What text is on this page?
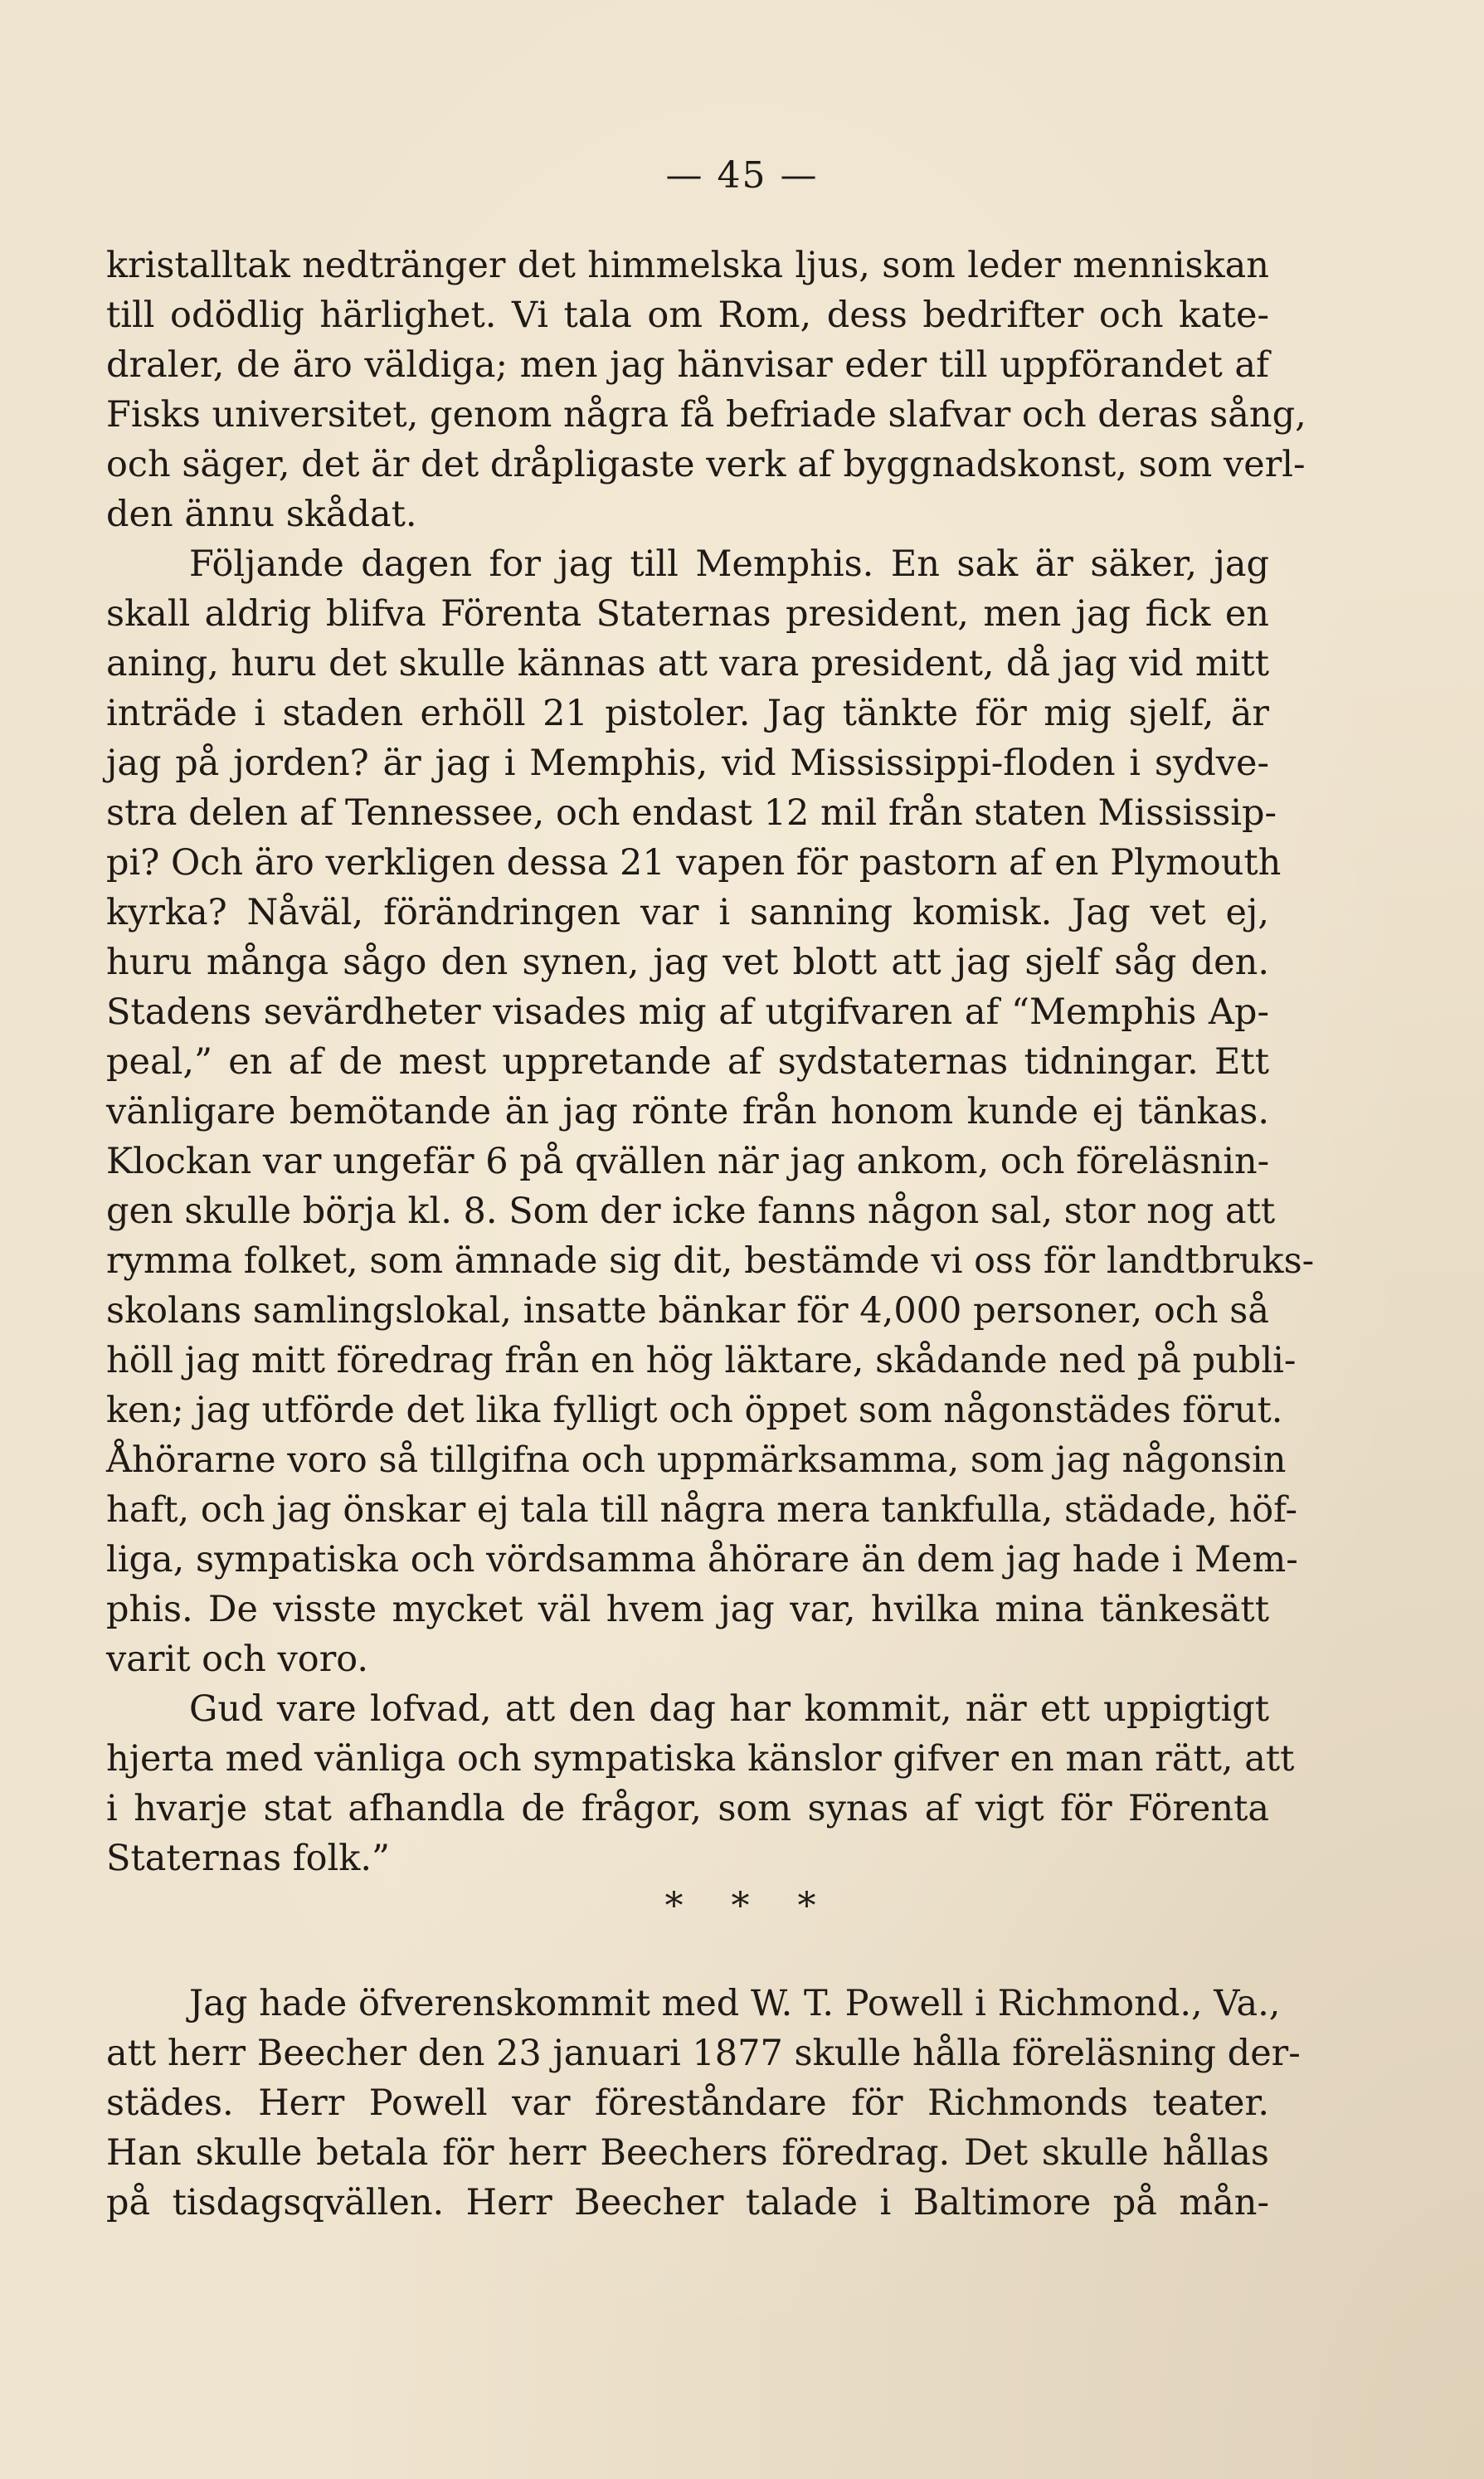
— 45 —
kristalltak nedtränger det himmelska ljus, som leder menniskan
till odödlig härlighet. Vi tala om Rom, dess bedrifter och kate-
draler, de äro väldiga; men jag hänvisar eder till uppförandet af
Fisks universitet, genom några få befriade slafvar och deras sång,
och säger, det är det dråpligaste verk af byggnadskonst, som verl-
den ännu skådat.
Följande dagen for jag till Memphis. En sak är säker, jag
skall aldrig blifva Förenta Staternas president, men jag fick en
aning, huru det skulle kännas att vara president, då jag vid mitt
inträde i staden erhöll 21 pistoler. Jag tänkte för mig sjelf, är
jag på jorden? är jag i Memphis, vid Mississippi-floden i sydve-
stra delen af Tennessee, och endast 12 mil från staten Mississip-
pi? Och äro verkligen dessa 21 vapen för pastorn af en Plymouth
kyrka? Nåväl, förändringen var i sanning komisk. Jag vet ej,
huru många sågo den synen, jag vet blott att jag sjelf såg den.
Stadens sevärdheter visades mig af utgifvaren af “Memphis Ap-
peal,” en af de mest uppretande af sydstaternas tidningar. Ett
vänligare bemötande än jag rönte från honom kunde ej tänkas.
Klockan var ungefär 6 på qvällen när jag ankom, och föreläsnin-
gen skulle börja kl. 8. Som der icke fanns någon sal, stor nog att
rymma folket, som ämnade sig dit, bestämde vi oss för landtbruks-
skolans samlingslokal, insatte bänkar för 4,000 personer, och så
höll jag mitt föredrag från en hög läktare, skådande ned på publi-
ken; jag utförde det lika fylligt och öppet som någonstädes förut.
Åhörarne voro så tillgifna och uppmärksamma, som jag någonsin
haft, och jag önskar ej tala till några mera tankfulla, städade, höf-
liga, sympatiska och vördsamma åhörare än dem jag hade i Mem-
phis. De visste mycket väl hvem jag var, hvilka mina tänkesätt
varit och voro.
Gud vare lofvad, att den dag har kommit, när ett uppigtigt
hjerta med vänliga och sympatiska känslor gifver en man rätt, att
i hvarje stat afhandla de frågor, som synas af vigt för Förenta
Staternas folk.”
* * *
Jag hade öfverenskommit med W. T. Powell i Richmond., Va.,
att herr Beecher den 23 januari 1877 skulle hålla föreläsning der-
städes. Herr Powell var föreståndare för Richmonds teater.
Han skulle betala för herr Beechers föredrag. Det skulle hållas
på tisdagsqvällen. Herr Beecher talade i Baltimore på mån-
